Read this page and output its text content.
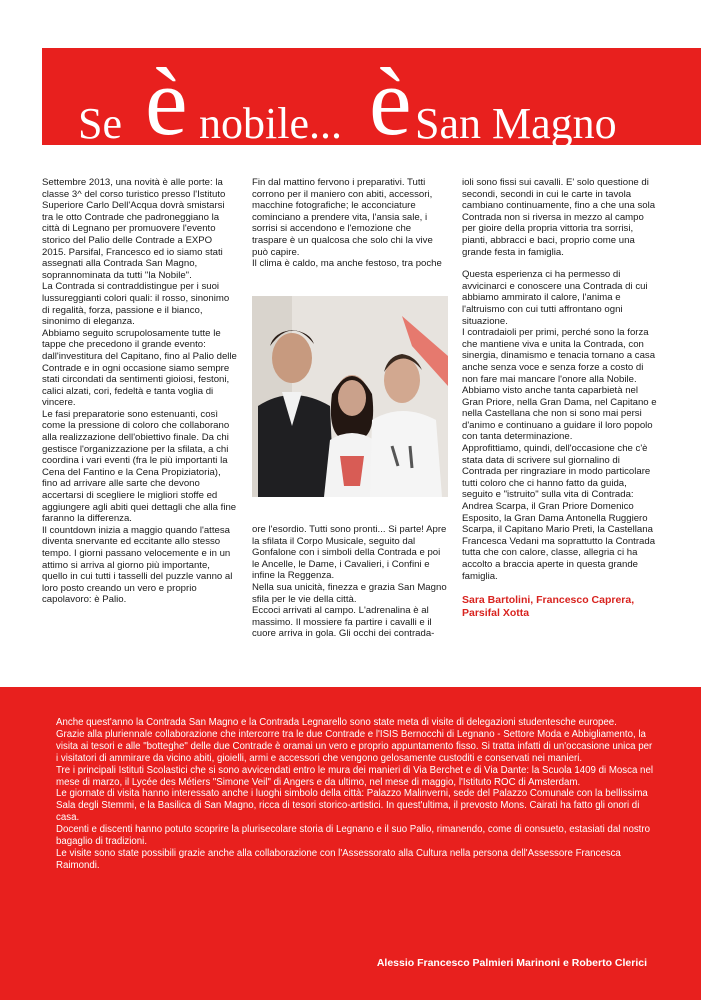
Se è nobile... è San Magno

Settembre 2013, una novità è alle porte: la classe 3^ del corso turistico presso l'Istituto Superiore Carlo Dell'Acqua dovrà smistarsi tra le otto Contrade che padroneggiano la città di Legnano per promuovere l'evento storico del Palio delle Contrade a EXPO 2015. Parsifal, Francesco ed io siamo stati assegnati alla Contrada San Magno, soprannominata da tutti "la Nobile".

La Contrada si contraddistingue per i suoi lussureggianti colori quali: il rosso, sinonimo di regalità, forza, passione e il bianco, sinonimo di eleganza.

Abbiamo seguito scrupolosamente tutte le tappe che precedono il grande evento: dall'investitura del Capitano, fino al Palio delle Contrade e in ogni occasione siamo sempre stati circondati da sentimenti gioiosi, festoni, calici alzati, cori, fedeltà e tanta voglia di vincere.

Le fasi preparatorie sono estenuanti, così come la pressione di coloro che collaborano alla realizzazione dell'obiettivo finale. Da chi gestisce l'organizzazione per la sfilata, a chi coordina i vari eventi (fra le più importanti la Cena del Fantino e la Cena Propiziatoria), fino ad arrivare alle sarte che devono accertarsi di scegliere le migliori stoffe ed aggiungere agli abiti quei dettagli che alla fine faranno la differenza.

Il countdown inizia a maggio quando l'attesa diventa snervante ed eccitante allo stesso tempo. I giorni passano velocemente e in un attimo si arriva al giorno più importante, quello in cui tutti i tasselli del puzzle vanno al loro posto creando un vero e proprio capolavoro: è Palio.

Fin dal mattino fervono i preparativi. Tutti corrono per il maniero con abiti, accessori, macchine fotografiche; le acconciature cominciano a prendere vita, l'ansia sale, i sorrisi si accendono e l'emozione che traspare è un qualcosa che solo chi la vive può capire.

Il clima è caldo, ma anche festoso, tra poche

ore l'esordio. Tutti sono pronti... Si parte! Apre la sfilata il Corpo Musicale, seguito dal Gonfalone con i simboli della Contrada e poi le Ancelle, le Dame, i Cavalieri, i Confini e infine la Reggenza.

Nella sua unicità, finezza e grazia San Magno sfila per le vie della città.

Eccoci arrivati al campo. L'adrenalina è al massimo. Il mossiere fa partire i cavalli e il cuore arriva in gola. Gli occhi dei contrada-

ioli sono fissi sui cavalli. E' solo questione di secondi, secondi in cui le carte in tavola cambiano continuamente, fino a che una sola Contrada non si riversa in mezzo al campo per gioire della propria vittoria tra sorrisi, pianti, abbracci e baci, proprio come una grande festa in famiglia.

Questa esperienza ci ha permesso di avvicinarci e conoscere una Contrada di cui abbiamo ammirato il calore, l'anima e l'altruismo con cui tutti affrontano ogni situazione.

I contradaioli per primi, perché sono la forza che mantiene viva e unita la Contrada, con sinergia, dinamismo e tenacia tornano a casa anche senza voce e senza forze a costo di non fare mai mancare l'onore alla Nobile. Abbiamo visto anche tanta caparbietà nel Gran Priore, nella Gran Dama, nel Capitano e nella Castellana che non si sono mai persi d'animo e continuano a guidare il loro popolo con tanta determinazione.

Approfittiamo, quindi, dell'occasione che c'è stata data di scrivere sul giornalino di Contrada per ringraziare in modo particolare tutti coloro che ci hanno fatto da guida, seguito e "istruito" sulla vita di Contrada: Andrea Scarpa, il Gran Priore Domenico Esposito, la Gran Dama Antonella Ruggiero Scarpa, il Capitano Mario Preti, la Castellana Francesca Vedani ma soprattutto la Contrada tutta che con calore, classe, allegria ci ha accolto a braccia aperte in questa grande famiglia.

Sara Bartolini, Francesco Caprera, Parsifal Xotta

Anche quest'anno la Contrada San Magno e la Contrada Legnarello sono state meta di visite di delegazioni studentesche europee.

Grazie alla pluriennale collaborazione che intercorre tra le due Contrade e l'ISIS Bernocchi di Legnano - Settore Moda e Abbigliamento, la visita ai tesori e alle "botteghe" delle due Contrade è oramai un vero e proprio appuntamento fisso. Si tratta infatti di un'occasione unica per i visitatori di ammirare da vicino abiti, gioielli, armi e accessori che vengono gelosamente custoditi e conservati nei manieri.

Tre i principali Istituti Scolastici che si sono avvicendati entro le mura dei manieri di Via Berchet e di Via Dante: la Scuola 1409 di Mosca nel mese di marzo, il Lycée des Métiers "Simone Veil" di Angers e da ultimo, nel mese di maggio, l'Istituto ROC di Amsterdam.

Le giornate di visita hanno interessato anche i luoghi simbolo della città: Palazzo Malinverni, sede del Palazzo Comunale con la bellissima Sala degli Stemmi, e la Basilica di San Magno, ricca di tesori storico-artistici. In quest'ultima, il prevosto Mons. Cairati ha fatto gli onori di casa.

Docenti e discenti hanno potuto scoprire la plurisecolare storia di Legnano e il suo Palio, rimanendo, come di consueto, estasiati dal nostro bagaglio di tradizioni.

Le visite sono state possibili grazie anche alla collaborazione con l'Assessorato alla Cultura nella persona dell'Assessore Francesca Raimondi.

Alessio Francesco Palmieri Marinoni e Roberto Clerici
